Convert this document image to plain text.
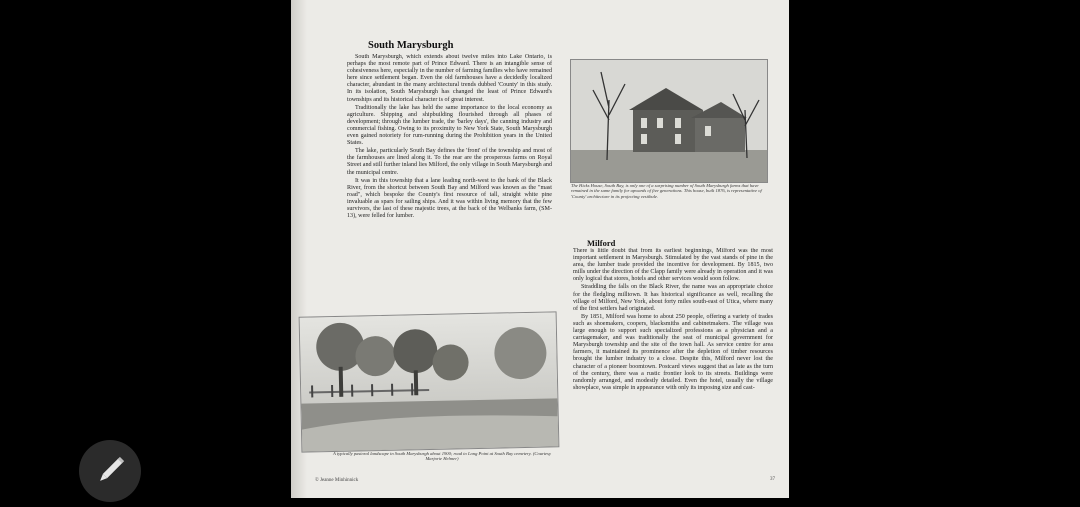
South Marysburgh

South Marysburgh, which extends about twelve miles into Lake Ontario, is perhaps the most remote part of Prince Edward. There is an intangible sense of cohesiveness here, especially in the number of farming families who have remained here since settlement began. Even the old farmhouses have a decidedly localized character, abundant in the many architectural trends dubbed 'County' in this study. In its isolation, South Marysburgh has changed the least of Prince Edward's townships and its historical character is of great interest.

Traditionally the lake has held the same importance to the local economy as agriculture. Shipping and shipbuilding flourished through all phases of development; through the lumber trade, the 'barley days', the canning industry and commercial fishing. Owing to its proximity to New York State, South Marysburgh even gained notoriety for rum-running during the Prohibition years in the United States.

The lake, particularly South Bay defines the 'front' of the township and most of the farmhouses are lined along it. To the rear are the prosperous farms on Royal Street and still further inland lies Milford, the only village in South Marysburgh and the municipal centre.

It was in this township that a lane leading north-west to the bank of the Black River, from the shortcut between South Bay and Milford was known as the "mast road", which bespoke the County's first resource of tall, straight white pine invaluable as spars for sailing ships. And it was within living memory that the few survivors, the last of these majestic trees, at the back of the Welbanks farm, (SM-13), were felled for lumber.

A typically pastoral landscape in South Marysburgh about 1900; road to Long Point at South Bay cemetery. (Courtesy Marjorie Helmer)
© Jeanne Minhinnick
The Hicks House, South Bay, is only one of a surprising number of South Marysburgh farms that have remained in the same family for upwards of five generations. This house, built 1876, is representative of 'County' architecture in its projecting vestibule.
Milford

There is little doubt that from its earliest beginnings, Milford was the most important settlement in Marysburgh. Stimulated by the vast stands of pine in the area, the lumber trade provided the incentive for development. By 1815, two mills under the direction of the Clapp family were already in operation and it was only logical that stores, hotels and other services would soon follow.

Straddling the falls on the Black River, the name was an appropriate choice for the fledgling milltown. It has historical significance as well, recalling the village of Milford, New York, about forty miles south-east of Utica, where many of the first settlers had originated.

By 1851, Milford was home to about 250 people, offering a variety of trades such as shoemakers, coopers, blacksmiths and cabinetmakers. The village was large enough to support such specialized professions as a physician and a carriagemaker, and was traditionally the seat of municipal government for Marysburgh township and the site of the town hall. As service centre for area farmers, it maintained its prominence after the depletion of timber resources brought the lumber industry to a close. Despite this, Milford never lost the character of a pioneer boomtown. Postcard views suggest that as late as the turn of the century, there was a rustic frontier look to its streets. Buildings were randomly arranged, and modestly detailed. Even the hotel, usually the village showplace, was simple in appearance with only its imposing size and cast-

37
